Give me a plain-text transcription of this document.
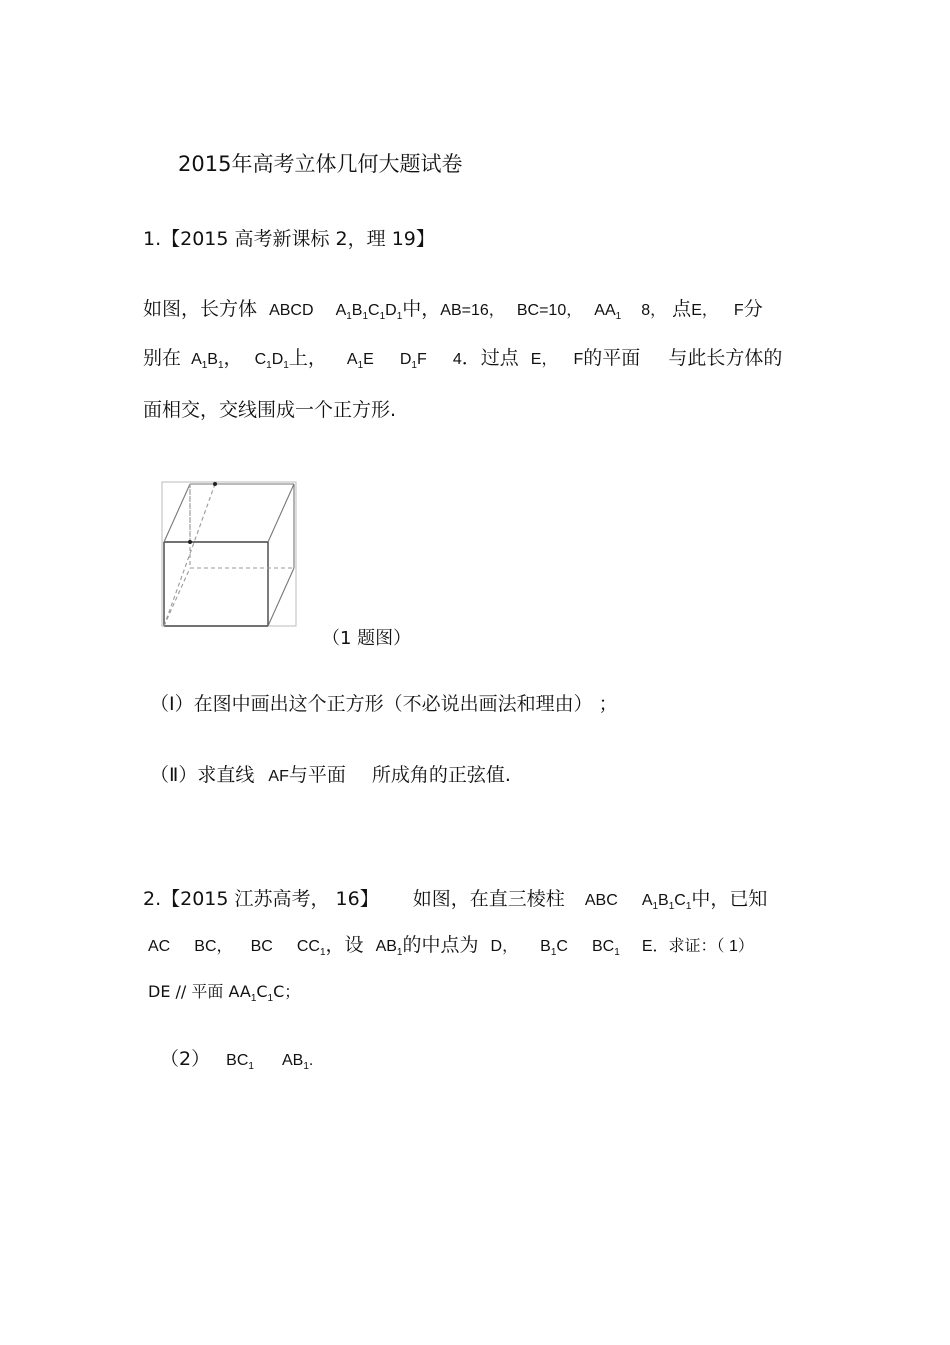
2015年高考立体几何大题试卷
1.【2015 高考新课标 2，理 19】
如图，长方体 ABCD $A_1B_1C_1D_1$中，AB=16， BC=10， $AA_1$ 8， 点E， F分
别在 $A_1B_1$， $C_1D_1$上， $A_1E$ $D_1F$ 4．过点 E， F的平面 与此长方体的
面相交，交线围成一个正方形.
（1 题图）
（Ⅰ）在图中画出这个正方形（不必说出画法和理由） ；
（Ⅱ）求直线 AF与平面 所成角的正弦值.
2.【2015 江苏高考， 16】 如图，在直三棱柱 ABC $A_1B_1C_1$中，已知
AC BC， BC $CC_1$，设 $AB_1$的中点为 D， $B_1C$ $BC_1$ E．求证：（ 1）
DE // 平面 $AA_1C_1C$；
（2） $BC_1$ $AB_1$.
